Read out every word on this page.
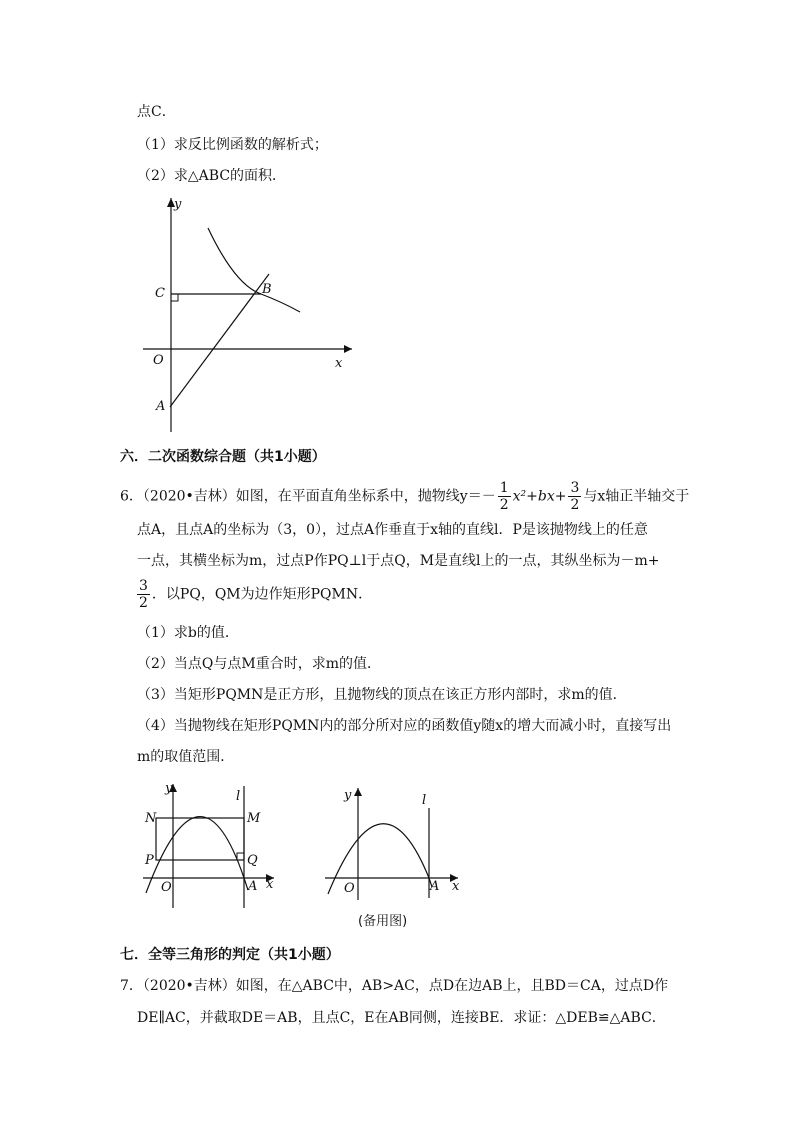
点C．
（1）求反比例函数的解析式；
（2）求△ABC的面积．
y
x
O
C	B
A
六．二次函数综合题（共1小题）
6．（2020•吉林）如图，在平面直角坐标系中，抛物线$y=- \frac{1}{2} x^2+bx+ \frac{3}{2}$ 与x轴正半轴交于
点A，且点A的坐标为（3，0），过点A作垂直于x轴的直线l．P是该抛物线上的任意
一点，其横坐标为m，过点P作PQ⊥l于点Q，M是直线l上的一点，其纵坐标为－m+
$\frac{3}{2}$ ．以PQ，QM为边作矩形PQMN．
（1）求b的值．
（2）当点Q与点M重合时，求m的值．
（3）当矩形PQMN是正方形，且抛物线的顶点在该正方形内部时，求m的值．
（4）当抛物线在矩形PQMN内的部分所对应的函数值y随x的增大而减小时，直接写出
m的取值范围．
y
l
N	M
P	Q
O	A x
y	l
O	A x
(备用图)
七．全等三角形的判定（共1小题）
7．（2020•吉林）如图，在△ABC中，AB>AC，点D在边AB上，且BD＝CA，过点D作
DE∥AC，并截取DE＝AB，且点C，E在AB同侧，连接BE．求证：△DEB≌△ABC．
